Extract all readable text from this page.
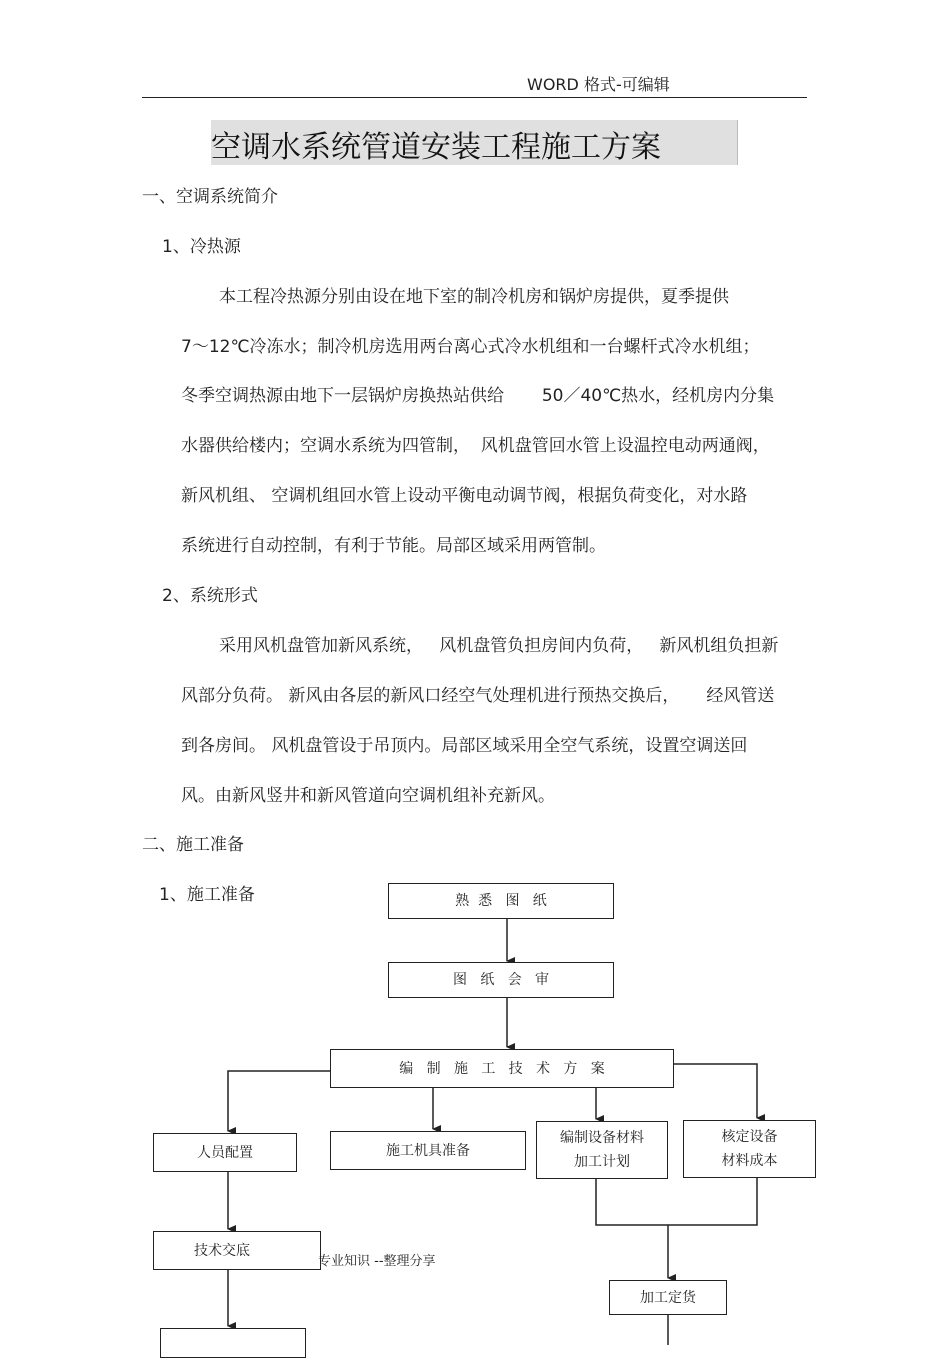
WORD 格式-可编辑
空调水系统管道安装工程施工方案
一、空调系统简介
1、冷热源
本工程冷热源分别由设在地下室的制冷机房和锅炉房提供，夏季提供
7～12℃冷冻水；制冷机房选用两台离心式冷水机组和一台螺杆式冷水机组；
冬季空调热源由地下一层锅炉房换热站供给       50／40℃热水，经机房内分集
水器供给楼内；空调水系统为四管制，  风机盘管回水管上设温控电动两通阀，
新风机组、 空调机组回水管上设动平衡电动调节阀，根据负荷变化，对水路
系统进行自动控制，有利于节能。局部区域采用两管制。
2、系统形式
采用风机盘管加新风系统，   风机盘管负担房间内负荷，   新风机组负担新
风部分负荷。 新风由各层的新风口经空气处理机进行预热交换后，     经风管送
到各房间。 风机盘管设于吊顶内。局部区域采用全空气系统，设置空调送回
风。由新风竖井和新风管道向空调机组补充新风。
二、施工准备
1、施工准备	熟  悉   图   纸
图   纸   会   审
编   制   施   工   技   术   方   案
人员配置	施工机具准备
编制设备材料
加工计划
核定设备
材料成本
技术交底
加工定货
专业知识 --整理分享
